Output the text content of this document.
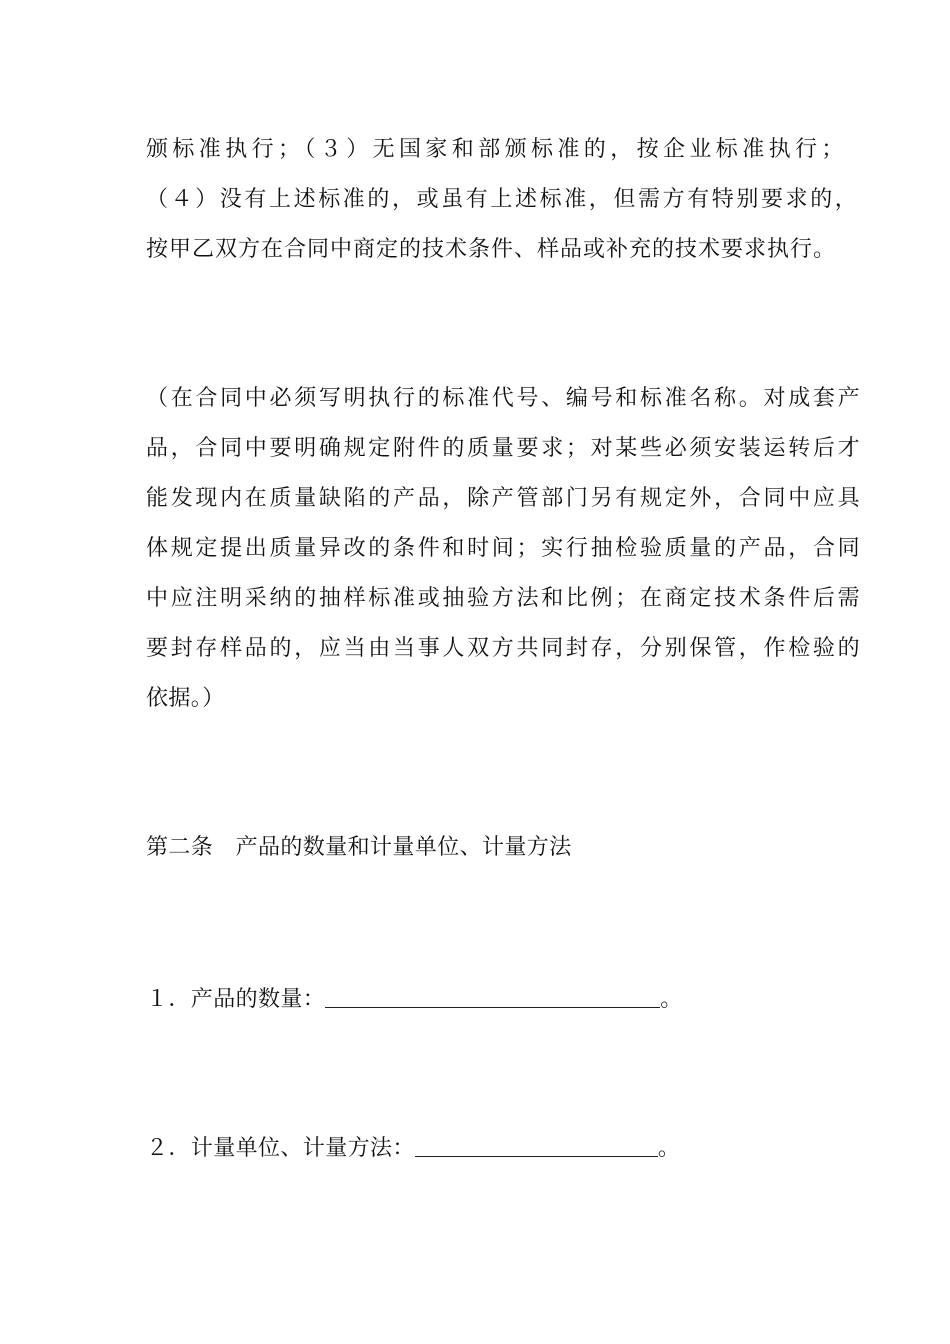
颁标准执行；（３）无国家和部颁标准的，按企业标准执行；
（４）没有上述标准的，或虽有上述标准，但需方有特别要求的，
按甲乙双方在合同中商定的技术条件、样品或补充的技术要求执行。
（在合同中必须写明执行的标准代号、编号和标准名称。对成套产
品，合同中要明确规定附件的质量要求；对某些必须安装运转后才
能发现内在质量缺陷的产品，除产管部门另有规定外，合同中应具
体规定提出质量异改的条件和时间；实行抽检验质量的产品，合同
中应注明采纳的抽样标准或抽验方法和比例；在商定技术条件后需
要封存样品的，应当由当事人双方共同封存，分别保管，作检验的
依据。）
第二条　产品的数量和计量单位、计量方法
１．产品的数量：	。
２．计量单位、计量方法：	。
